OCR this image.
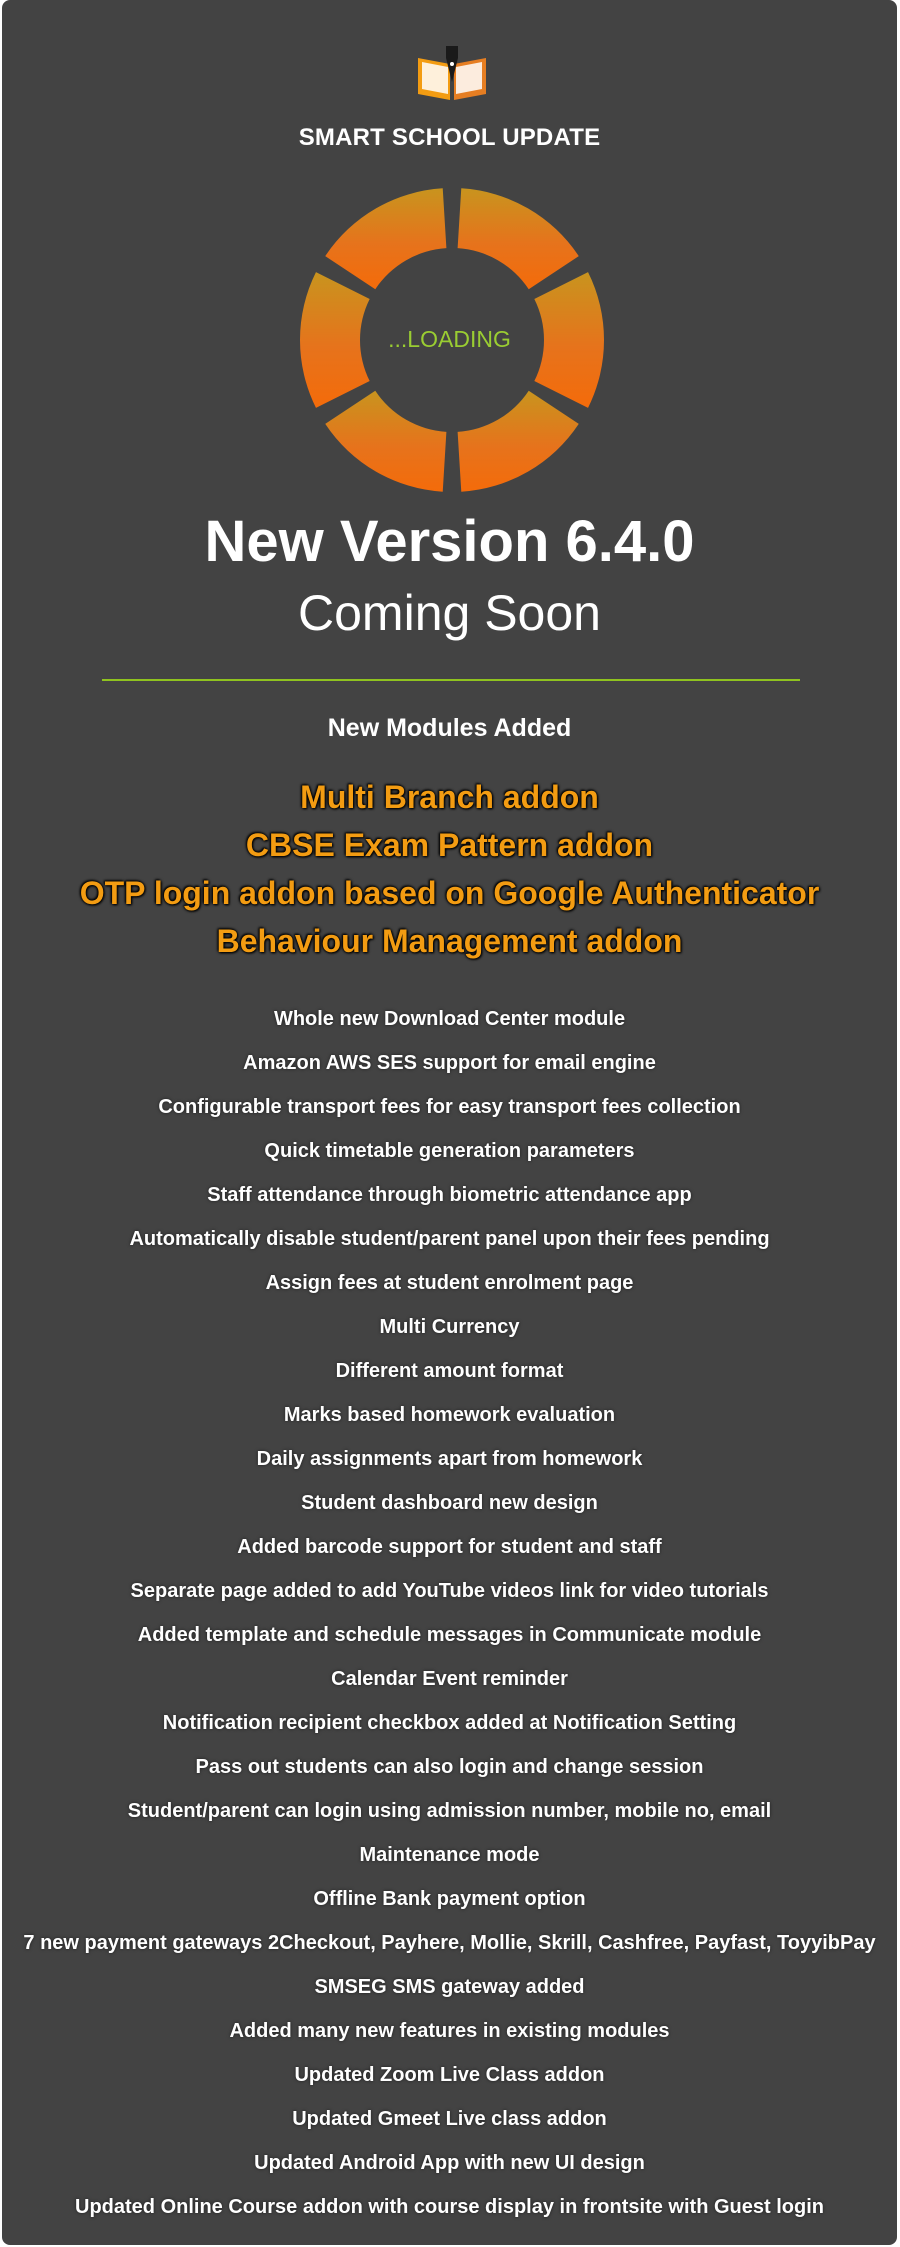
SMART SCHOOL UPDATE
...LOADING
New Version 6.4.0
Coming Soon
New Modules Added
Multi Branch addon
CBSE Exam Pattern addon
OTP login addon based on Google Authenticator
Behaviour Management addon
Whole new Download Center module
Amazon AWS SES support for email engine
Configurable transport fees for easy transport fees collection
Quick timetable generation parameters
Staff attendance through biometric attendance app
Automatically disable student/parent panel upon their fees pending
Assign fees at student enrolment page
Multi Currency
Different amount format
Marks based homework evaluation
Daily assignments apart from homework
Student dashboard new design
Added barcode support for student and staff
Separate page added to add YouTube videos link for video tutorials
Added template and schedule messages in Communicate module
Calendar Event reminder
Notification recipient checkbox added at Notification Setting
Pass out students can also login and change session
Student/parent can login using admission number, mobile no, email
Maintenance mode
Offline Bank payment option
7 new payment gateways 2Checkout, Payhere, Mollie, Skrill, Cashfree, Payfast, ToyyibPay
SMSEG SMS gateway added
Added many new features in existing modules
Updated Zoom Live Class addon
Updated Gmeet Live class addon
Updated Android App with new UI design
Updated Online Course addon with course display in frontsite with Guest login
